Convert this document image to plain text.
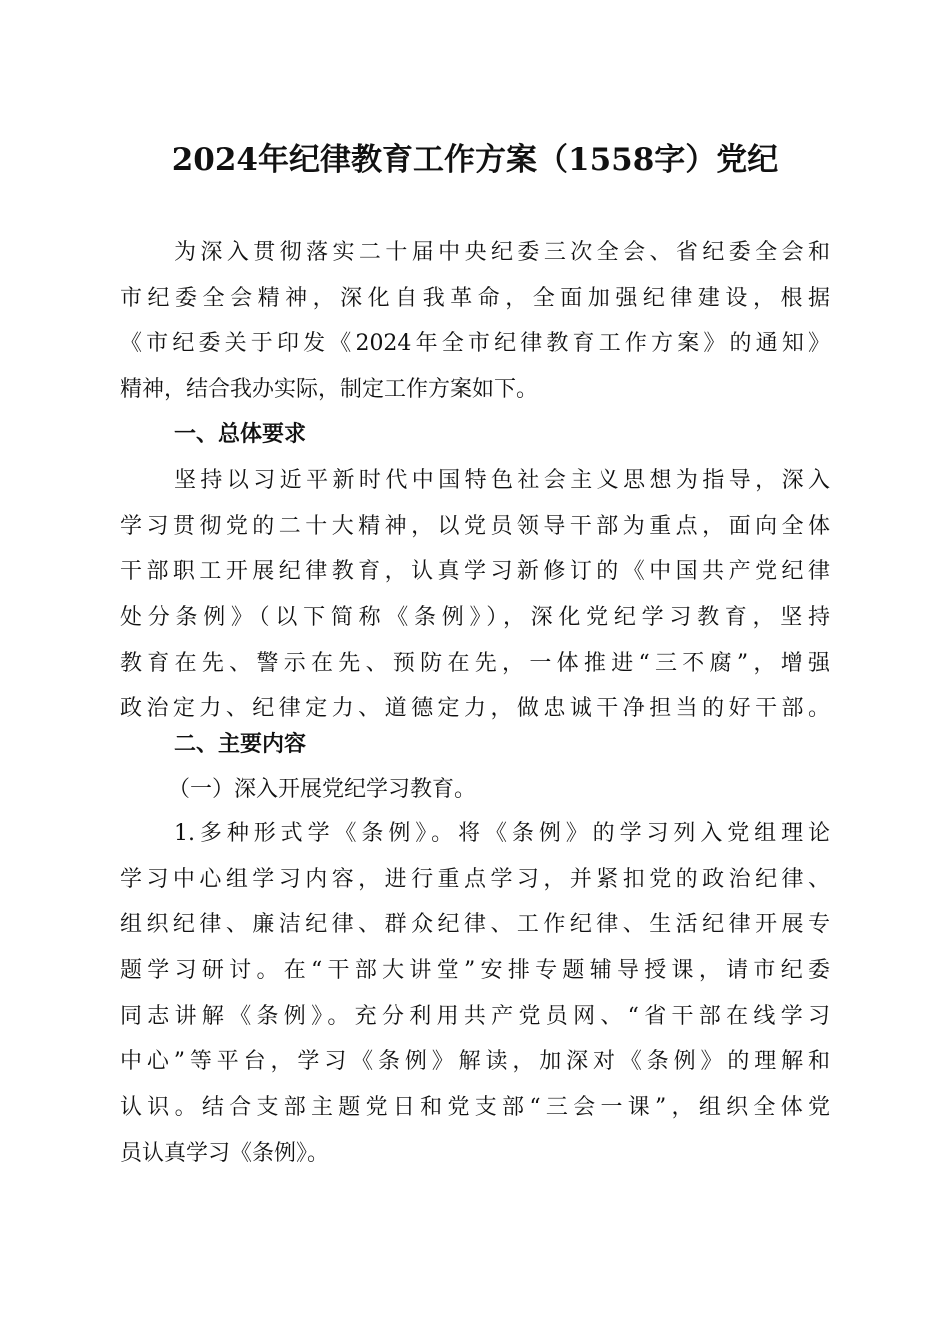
2024年纪律教育工作方案（1558字）党纪
为深入贯彻落实二十届中央纪委三次全会、省纪委全会和
市纪委全会精神，深化自我革命，全面加强纪律建设，根据
《市纪委关于印发《2024年全市纪律教育工作方案》的通知》
精神，结合我办实际，制定工作方案如下。
一、总体要求
坚持以习近平新时代中国特色社会主义思想为指导，深入
学习贯彻党的二十大精神，以党员领导干部为重点，面向全体
干部职工开展纪律教育，认真学习新修订的《中国共产党纪律
处分条例》（以下简称《条例》），深化党纪学习教育，坚持
教育在先、警示在先、预防在先，一体推进“三不腐”，增强
政治定力、纪律定力、道德定力，做忠诚干净担当的好干部。
二、主要内容
（一）深入开展党纪学习教育。
1.多种形式学《条例》。将《条例》的学习列入党组理论
学习中心组学习内容，进行重点学习，并紧扣党的政治纪律、
组织纪律、廉洁纪律、群众纪律、工作纪律、生活纪律开展专
题学习研讨。在“干部大讲堂”安排专题辅导授课，请市纪委
同志讲解《条例》。充分利用共产党员网、“省干部在线学习
中心”等平台，学习《条例》解读，加深对《条例》的理解和
认识。结合支部主题党日和党支部“三会一课”，组织全体党
员认真学习《条例》。
